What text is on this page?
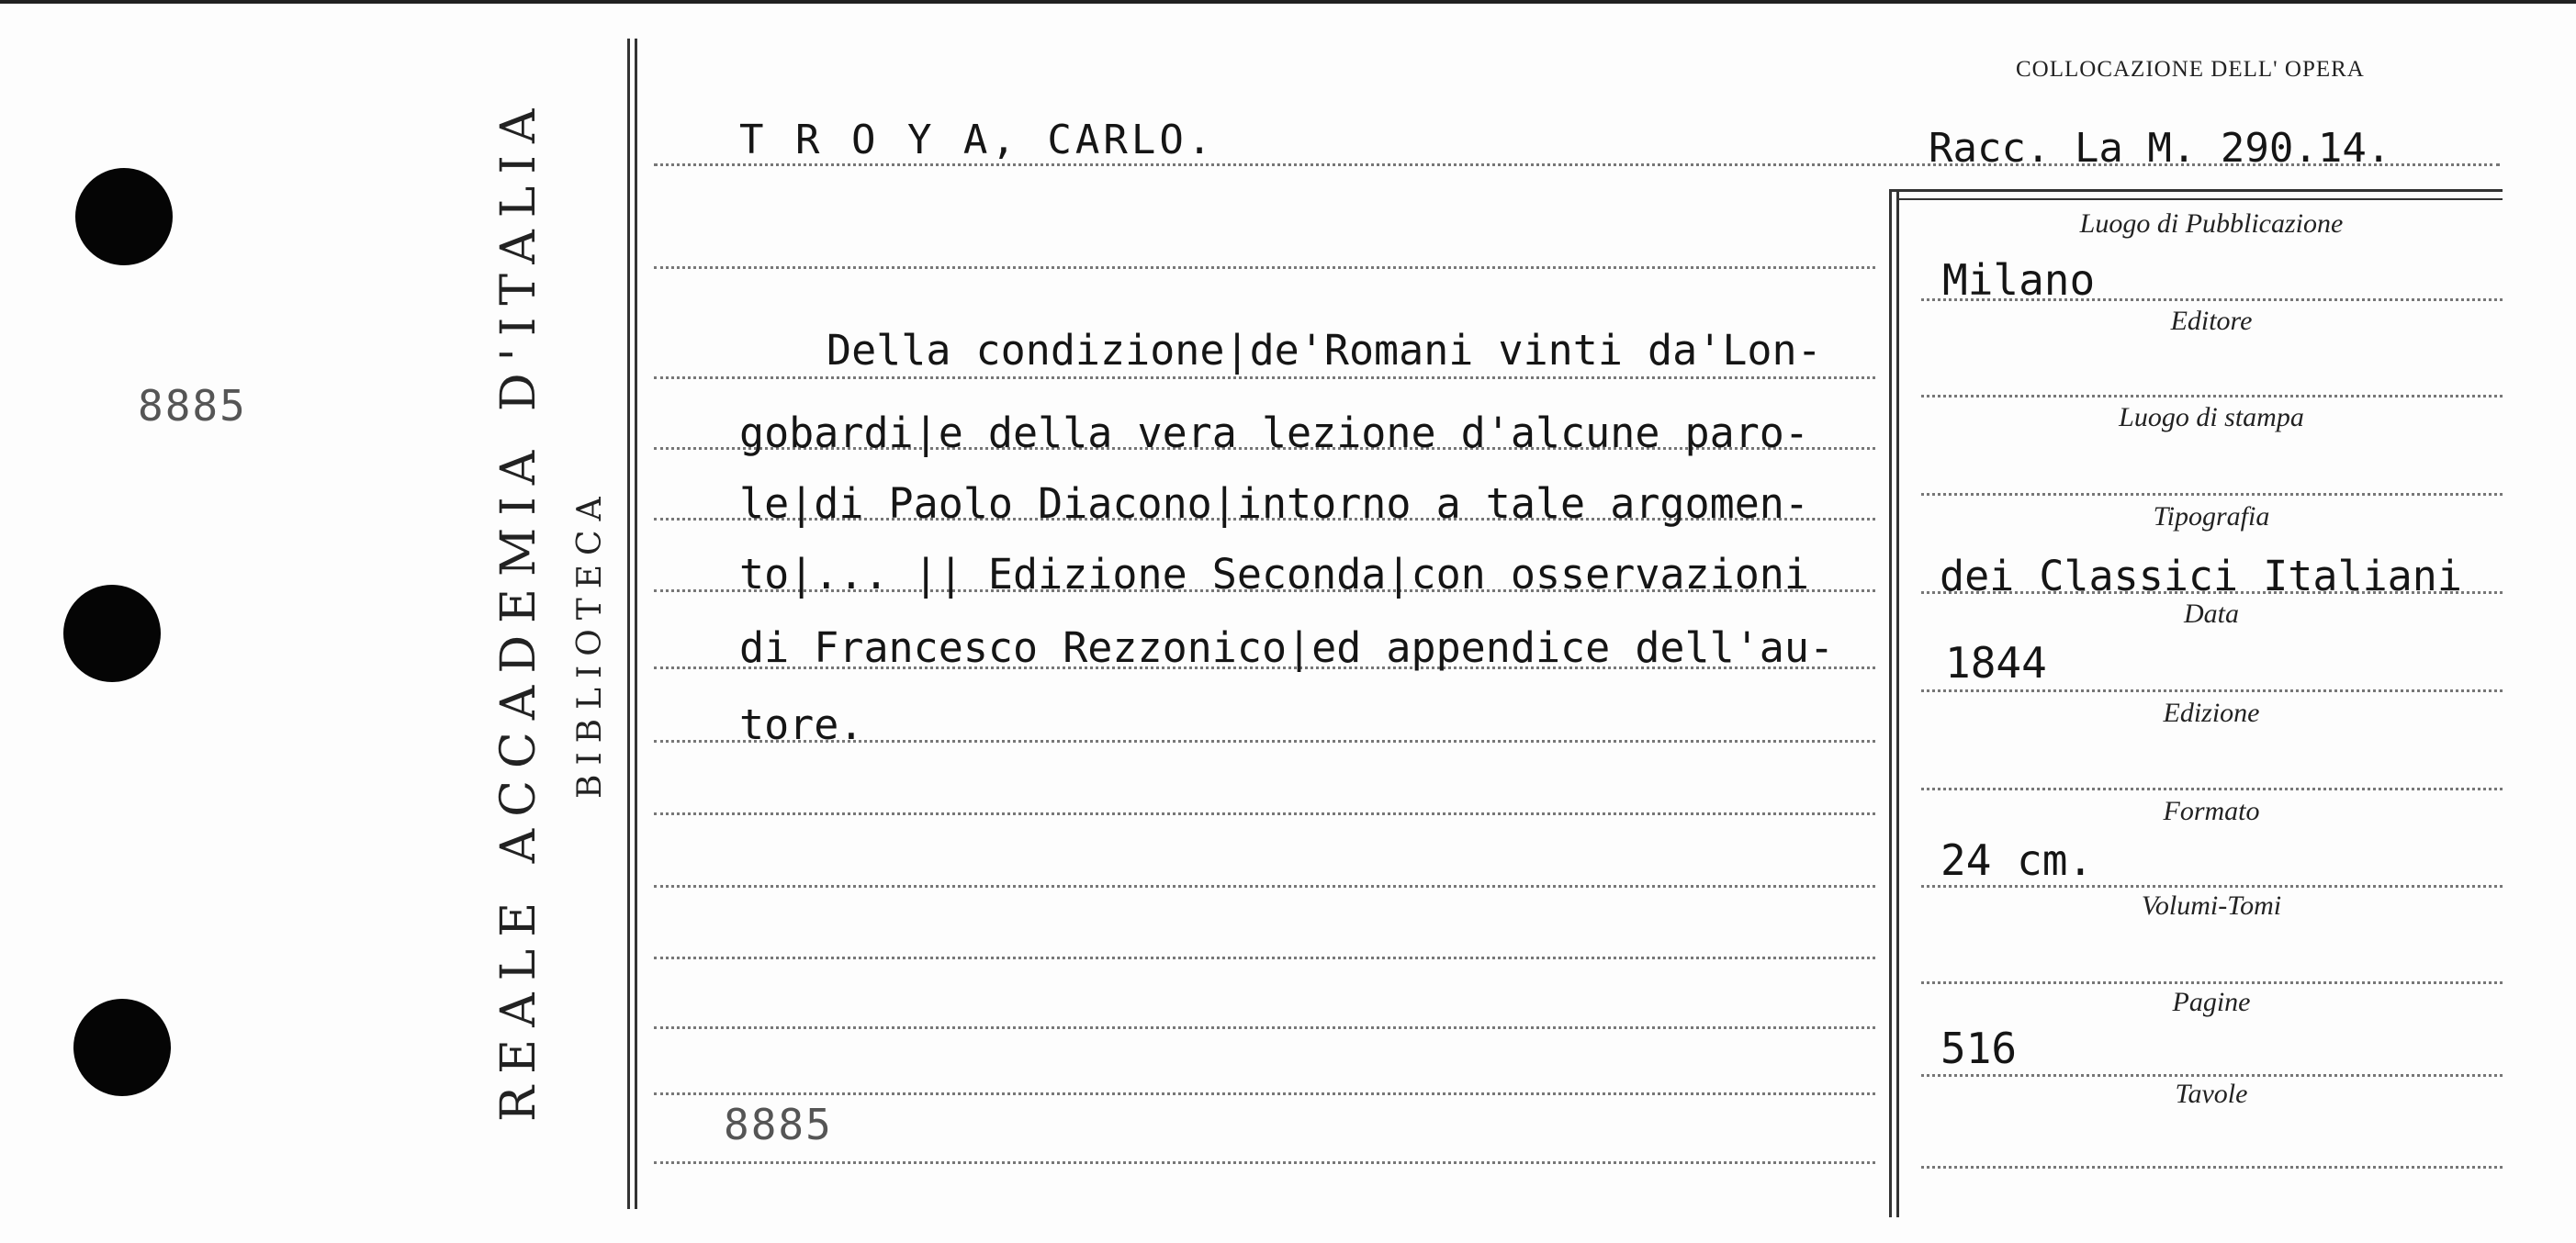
8885	REALE ACCADEMIA D'ITALIA BIBLIOTECA
COLLOCAZIONE DELL' OPERA
T R O Y A, CARLO.	Racc. La M. 290.14.
Della condizione|de'Romani vinti da'Lon-
gobardi|e della vera lezione d'alcune paro-
le|di Paolo Diacono|intorno a tale argomen-
to|... || Edizione Seconda|con osservazioni
di Francesco Rezzonico|ed appendice dell'au-
tore.
8885
Luogo di Pubblicazione
Milano
Editore
Luogo di stampa
Tipografia
dei Classici Italiani
Data
1844
Edizione
Formato
24 cm.
Volumi-Tomi
Pagine
516
Tavole
